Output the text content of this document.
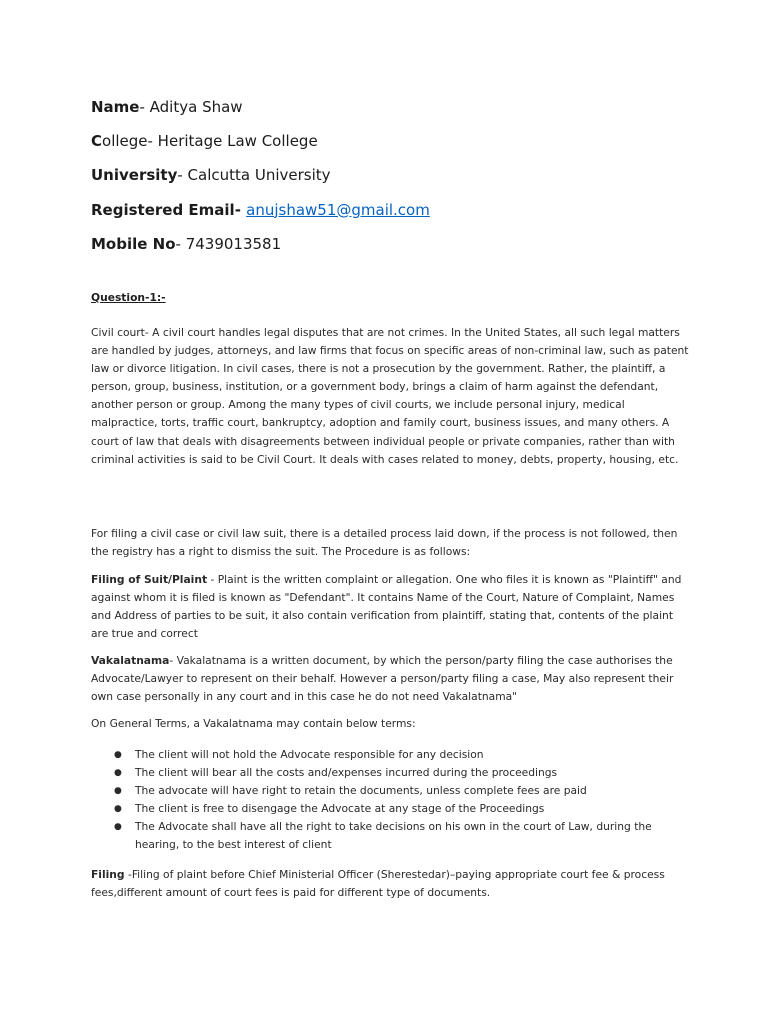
Name- Aditya Shaw
College- Heritage Law College
University- Calcutta University
Registered Email- anujshaw51@gmail.com
Mobile No- 7439013581
Question-1:-

Civil court- A civil court handles legal disputes that are not crimes. In the United States, all such legal matters are handled by judges, attorneys, and law firms that focus on specific areas of non-criminal law, such as patent law or divorce litigation. In civil cases, there is not a prosecution by the government. Rather, the plaintiff, a person, group, business, institution, or a government body, brings a claim of harm against the defendant, another person or group. Among the many types of civil courts, we include personal injury, medical malpractice, torts, traffic court, bankruptcy, adoption and family court, business issues, and many others. A court of law that deals with disagreements between individual people or private companies, rather than with criminal activities is said to be Civil Court. It deals with cases related to money, debts, property, housing, etc.

For filing a civil case or civil law suit, there is a detailed process laid down, if the process is not followed, then the registry has a right to dismiss the suit. The Procedure is as follows:

Filing of Suit/Plaint - Plaint is the written complaint or allegation. One who files it is known as "Plaintiff" and against whom it is filed is known as "Defendant". It contains Name of the Court, Nature of Complaint, Names and Address of parties to be suit, it also contain verification from plaintiff, stating that, contents of the plaint are true and correct

Vakalatnama- Vakalatnama is a written document, by which the person/party filing the case authorises the Advocate/Lawyer to represent on their behalf. However a person/party filing a case, May also represent their own case personally in any court and in this case he do not need Vakalatnama"

On General Terms, a Vakalatnama may contain below terms:

● The client will not hold the Advocate responsible for any decision
● The client will bear all the costs and/expenses incurred during the proceedings
● The advocate will have right to retain the documents, unless complete fees are paid
● The client is free to disengage the Advocate at any stage of the Proceedings
● The Advocate shall have all the right to take decisions on his own in the court of Law, during the hearing, to the best interest of client

Filing -Filing of plaint before Chief Ministerial Officer (Sherestedar)–paying appropriate court fee & process fees,different amount of court fees is paid for different type of documents.
